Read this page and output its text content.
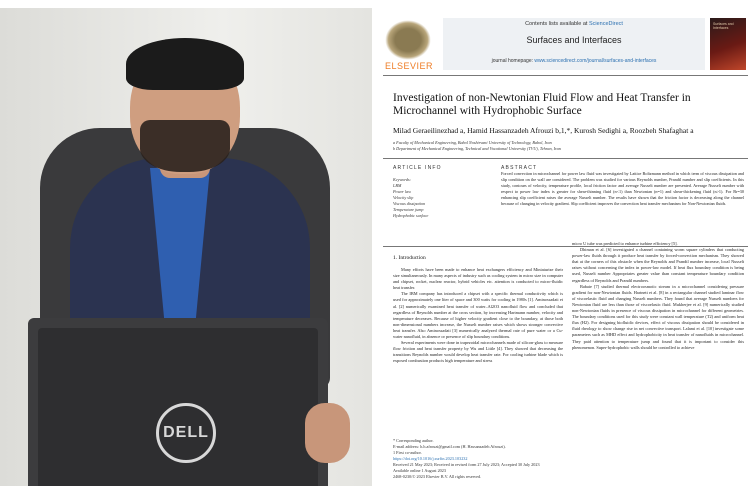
DELL
ELSEVIER
Contents lists available at ScienceDirect
Surfaces and Interfaces
journal homepage: www.sciencedirect.com/journal/surfaces-and-interfaces
Surfaces and Interfaces
Investigation of non-Newtonian Fluid Flow and Heat Transfer in
Microchannel with Hydrophobic Surface
Milad Geraeilinezhad a, Hamid Hassanzadeh Afrouzi b,1,*, Kurosh Sedighi a, Roozbeh Shafaghat a
a Faculty of Mechanical Engineering, Babol Noshirvani University of Technology, Babol, Iran
b Department of Mechanical Engineering, Technical and Vocational University (TVU), Tehran, Iran
ARTICLE INFO	ABSTRACT
Keywords:
LBM
Power law
Velocity slip
Viscous dissipation
Temperature jump
Hydrophobic surface
Forced convection in microchannel for power law fluid was investigated by Lattice Boltzmann method in which term of viscous dissipation and slip condition on the wall are considered. The problem was studied for various Reynolds number, Prandtl number and slip coefficients. In this study, contours of velocity, temperature profile, local friction factor and average Nusselt number are presented. Average Nusselt number with respect to power law index is greater for shear-thinning fluid (n<1) than Newtonian (n=1) and shear-thickening fluid (n>1). For Br=30 enhancing slip coefficient raises the average Nusselt number. The results have shown that the friction factor is decreasing along the channel because of changing in velocity gradient. Slip coefficient improves the convection heat transfer mechanism for Non-Newtonian fluids.
1. Introduction

Many efforts have been made to enhance heat exchangers efficiency and Miniaturize their size simultaneously. In many aspects of industry such as cooling system in micro size in computer and chipset, rocket, nuclear reactor, hybrid vehicles etc. attention is conducted to micro-fluidic heat transfer.

The IBM company has introduced a chipset with a specific thermal conductivity which is used for approximately one liter of space and 300 watts for cooling in 1980s [1]. Aminossadati et al. [2] numerically examined heat transfer of water–Al2O3 nanofluid flow and concluded that regardless of Reynolds number at the cross section, by increasing Hartmann number, velocity and temperature decreases. Because of higher velocity gradient close to the boundary, at those both non-dimensional numbers increase, the Nusselt number raises which shows stronger convective heat transfer. Also Aminossadati [3] numerically analyzed thermal rate of pure water or a Cu-water nanofluid, in absence or presence of slip boundary conditions.

Several experiments were done in trapezoidal microchannels made of silicon-glass to measure flow friction and heat transfer property by Wu and Little [4]. They showed that decreasing the transitions Reynolds number would develop heat transfer rate. For cooling turbine blade which is exposed combustion products high temperature and stress

micro U tube was predicted to enhance turbine efficiency [5].

Dhiman et al. [6] investigated a channel containing worm square cylinders that conducting power-law fluids through it produce heat transfer by forced-convection mechanism. They showed that at the corners of this obstacle when the Reynolds and Prandtl number increase, local Nusselt raises without concerning the index in power-law model. If heat flux boundary condition is being used, Nusselt number Appropriates greater value than constant temperature boundary condition regardless of Reynolds and Prandtl numbers.

Babaie [7] studied thermal electroosmotic stream in a microchannel considering pressure gradient for non-Newtonian fluids. Hartnett et al. [8] in a rectangular channel studied laminar flow of viscoelastic fluid and changing Nusselt numbers. They found that average Nusselt numbers for Newtonian fluid are less than those of viscoelastic fluid. Mukherjee et al. [9] numerically studied non-Newtonian fluids in presence of viscous dissipation in microchannel for different geometries. The boundary conditions used for this study were constant wall temperature (T2) and uniform heat flux (H2). For designing biofluidic devices, effect of viscous dissipation should be considered in fluid rheology to show change rise in net convective transport. Lalami et al. [10] investigate some parameters such as MHD effect and hydrophobicity in heat transfer of nanofluids in microchannel. They paid attention to temperature jump and found that it is important to consider this phenomenon. Super-hydrophobic walls should be controlled to achieve

* Corresponding author.
E-mail address: h.h.afrouzi@gmail.com (H. Hassanzadeh Afrouzi).
1 First co-author.
https://doi.org/10.1016/j.surfin.2023.103232
Received 21 May 2023; Received in revised form 27 July 2023; Accepted 30 July 2023
Available online 1 August 2023
2468-0230/© 2023 Elsevier B.V. All rights reserved.
